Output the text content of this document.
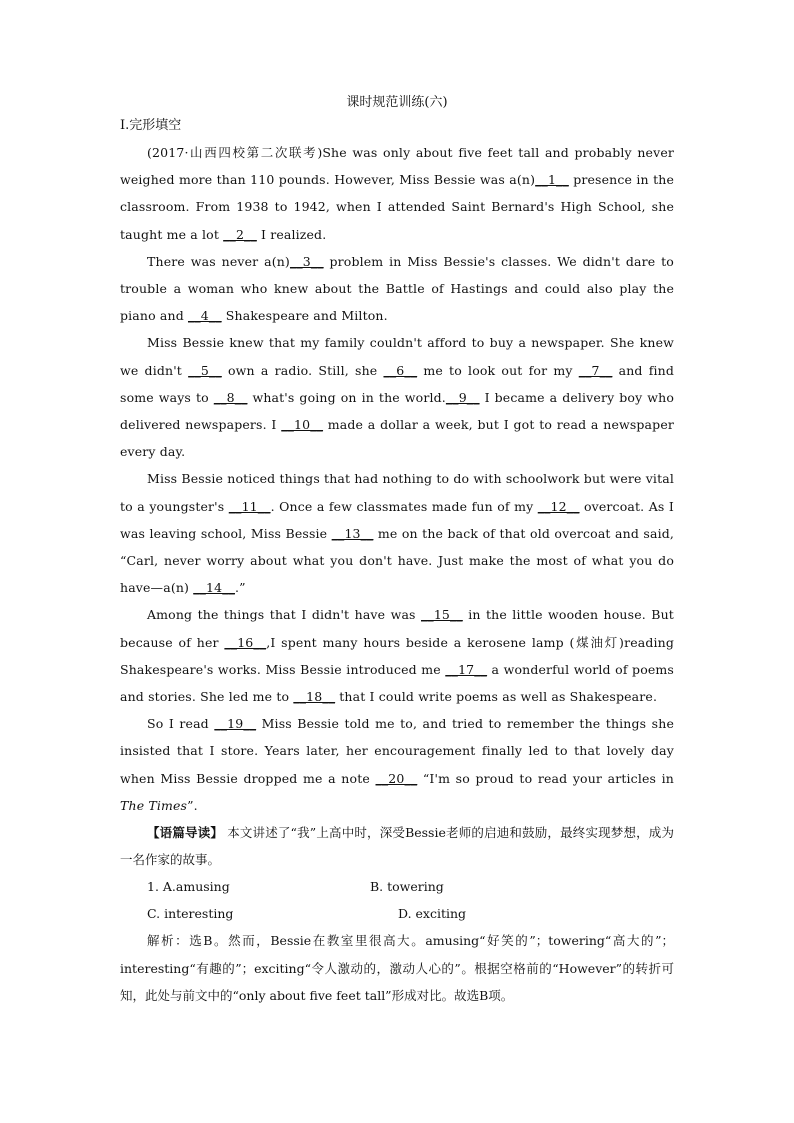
课时规范训练(六)

Ⅰ.完形填空

(2017·山西四校第二次联考)She was only about five feet tall and probably never weighed more than 110 pounds. However, Miss Bessie was a(n)__1__ presence in the classroom. From 1938 to 1942, when I attended Saint Bernard's High School, she taught me a lot __2__ I realized.

There was never a(n)__3__ problem in Miss Bessie's classes. We didn't dare to trouble a woman who knew about the Battle of Hastings and could also play the piano and __4__ Shakespeare and Milton.

Miss Bessie knew that my family couldn't afford to buy a newspaper. She knew we didn't __5__ own a radio. Still, she __6__ me to look out for my __7__ and find some ways to __8__ what's going on in the world.__9__ I became a delivery boy who delivered newspapers. I __10__ made a dollar a week, but I got to read a newspaper every day.

Miss Bessie noticed things that had nothing to do with schoolwork but were vital to a youngster's __11__. Once a few classmates made fun of my __12__ overcoat. As I was leaving school, Miss Bessie __13__ me on the back of that old overcoat and said, “Carl, never worry about what you don't have. Just make the most of what you do have—a(n) __14__.”

Among the things that I didn't have was __15__ in the little wooden house. But because of her __16__,I spent many hours beside a kerosene lamp (煤油灯)reading Shakespeare's works. Miss Bessie introduced me __17__ a wonderful world of poems and stories. She led me to __18__ that I could write poems as well as Shakespeare.

So I read __19__ Miss Bessie told me to, and tried to remember the things she insisted that I store. Years later, her encouragement finally led to that lovely day when Miss Bessie dropped me a note __20__ “I'm so proud to read your articles in The Times”.

【语篇导读】 本文讲述了“我”上高中时，深受Bessie老师的启迪和鼓励，最终实现梦想，成为一名作家的故事。

1. A.amusing	B. towering
C. interesting	D. exciting

解析：选B。然而，Bessie在教室里很高大。amusing“好笑的”；towering“高大的”；interesting“有趣的”；exciting“令人激动的，激动人心的”。根据空格前的“However”的转折可知，此处与前文中的“only about five feet tall”形成对比。故选B项。
